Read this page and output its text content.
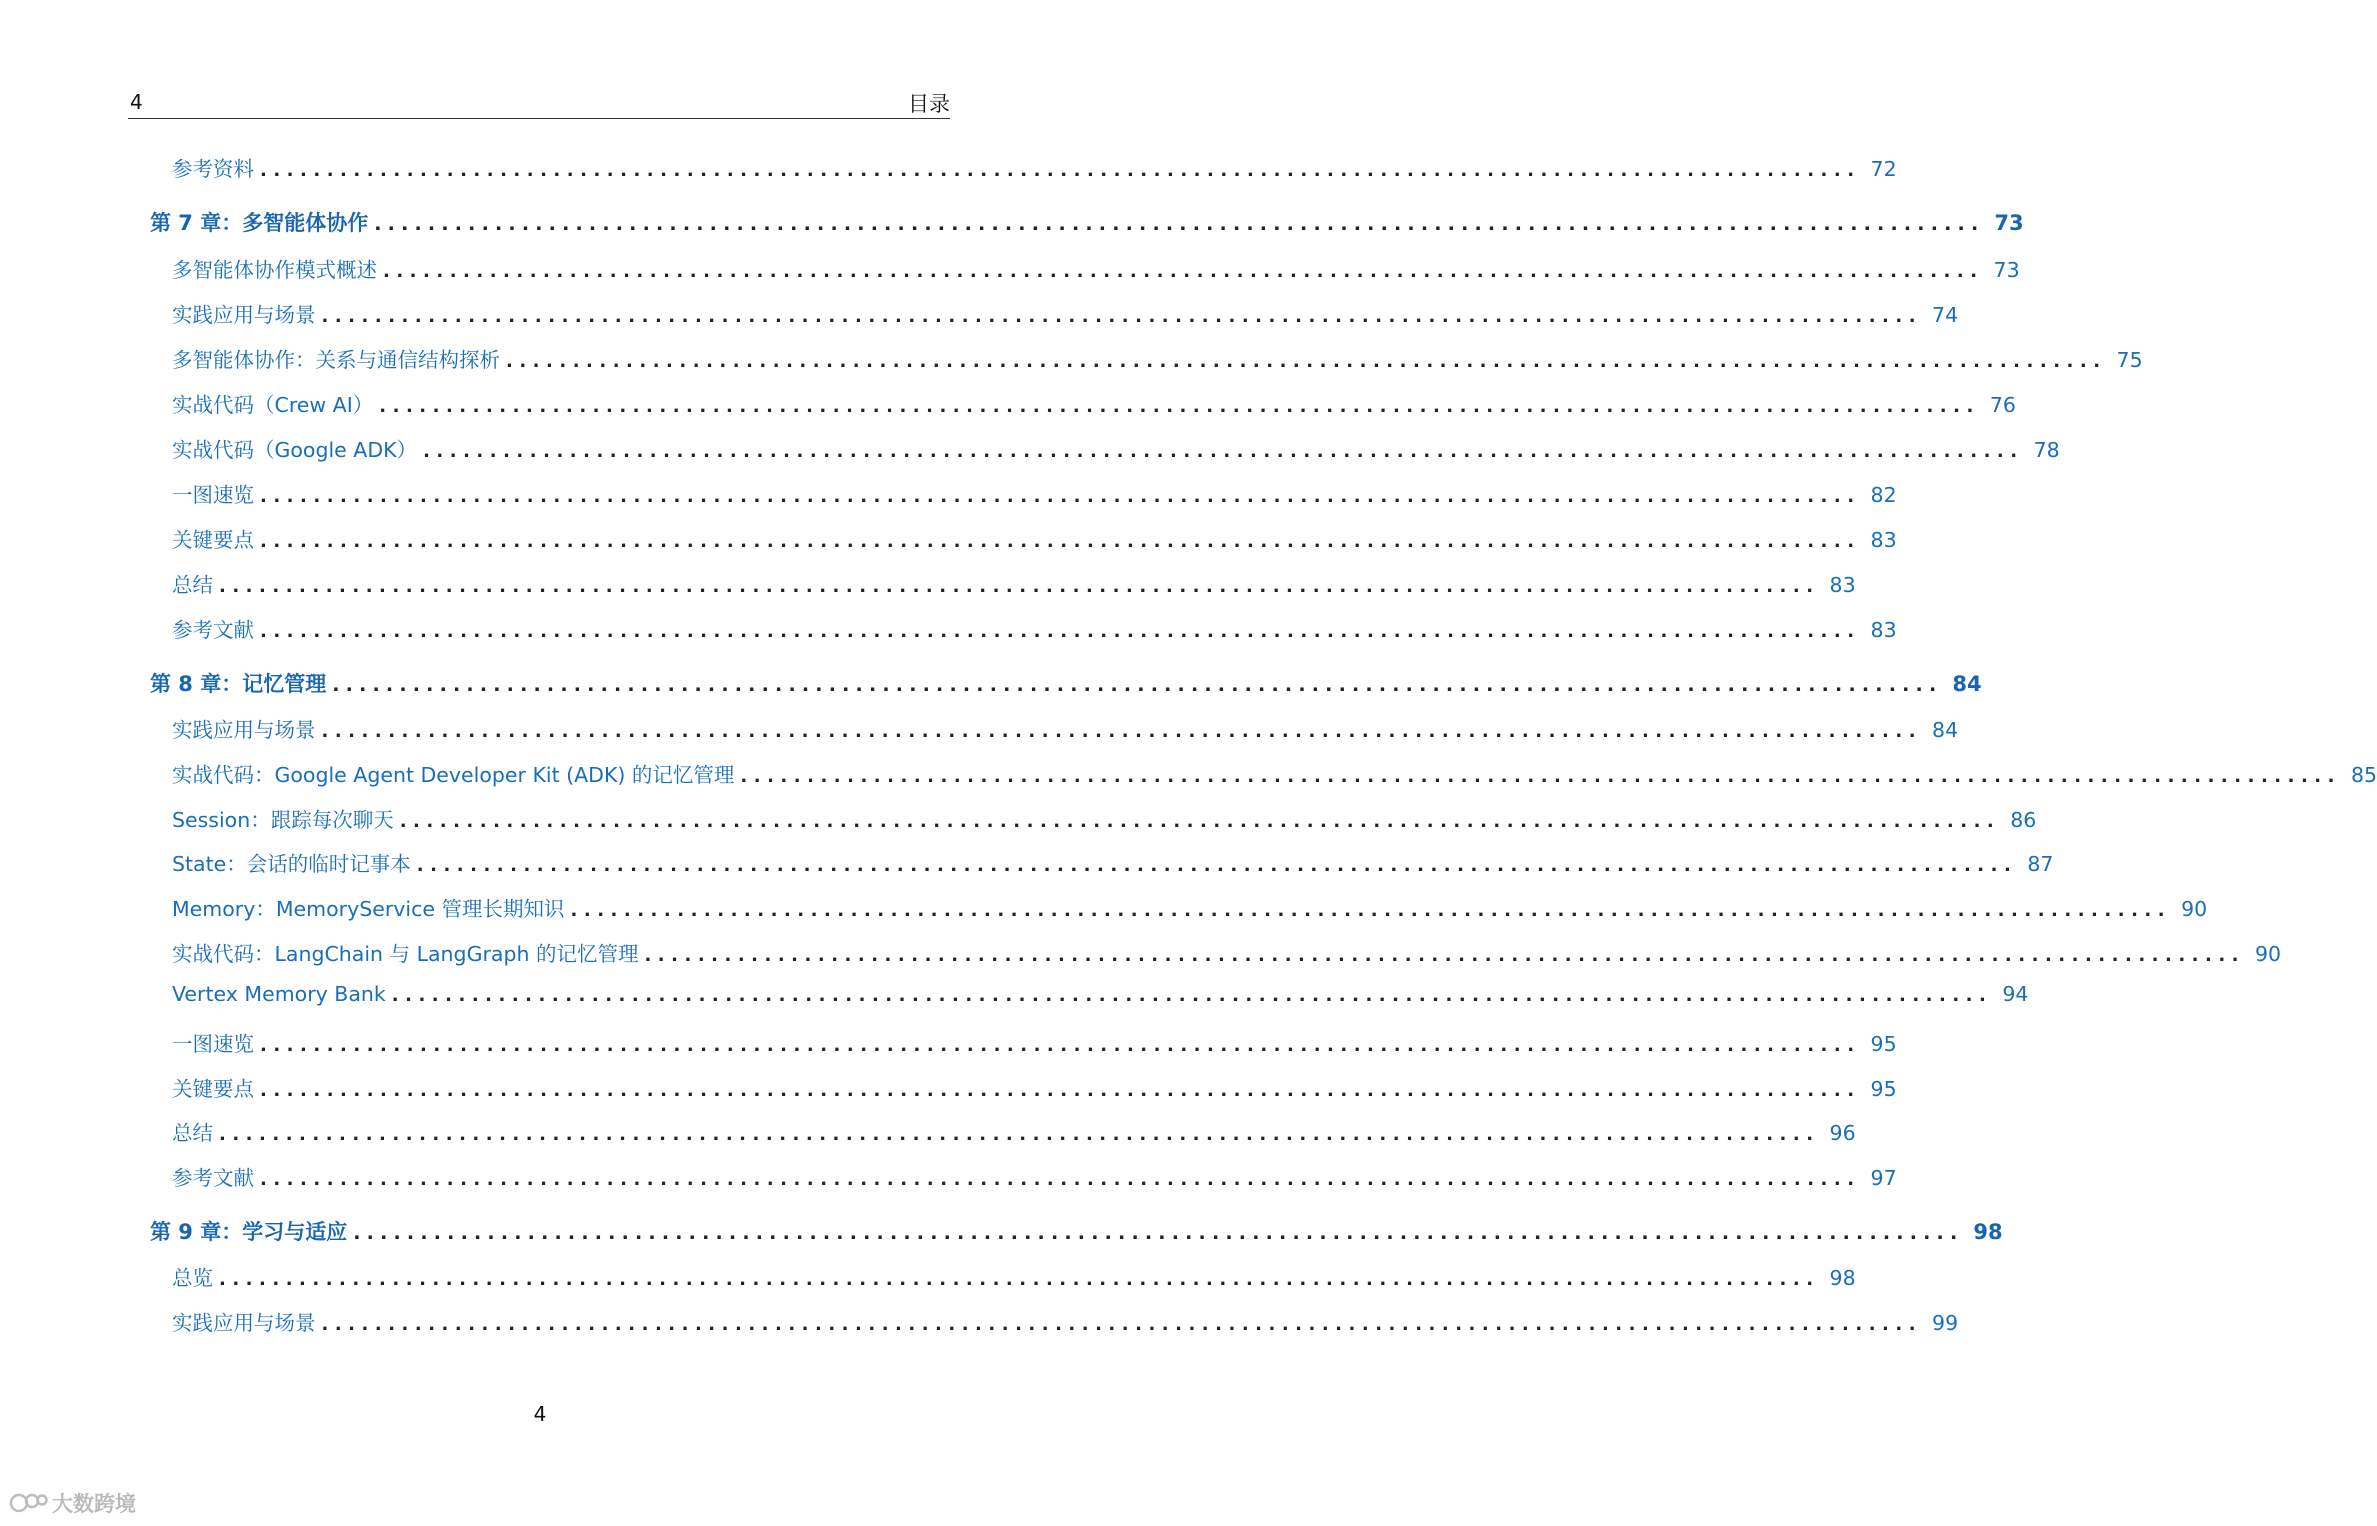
4	目录
参考资料 ........................................................................................................................ 72
第 7 章：多智能体协作 ........................................................................................................................ 73
多智能体协作模式概述 ........................................................................................................................ 73
实践应用与场景 ........................................................................................................................ 74
多智能体协作：关系与通信结构探析 ........................................................................................................................ 75
实战代码（Crew AI） ........................................................................................................................ 76
实战代码（Google ADK） ........................................................................................................................ 78
一图速览 ........................................................................................................................ 82
关键要点 ........................................................................................................................ 83
总结 ........................................................................................................................ 83
参考文献 ........................................................................................................................ 83
第 8 章：记忆管理 ........................................................................................................................ 84
实践应用与场景 ........................................................................................................................ 84
实战代码：Google Agent Developer Kit (ADK) 的记忆管理 ........................................................................................................................ 85
Session：跟踪每次聊天 ........................................................................................................................ 86
State：会话的临时记事本 ........................................................................................................................ 87
Memory：MemoryService 管理长期知识 ........................................................................................................................ 90
实战代码：LangChain 与 LangGraph 的记忆管理 ........................................................................................................................ 90
Vertex Memory Bank ........................................................................................................................ 94
一图速览 ........................................................................................................................ 95
关键要点 ........................................................................................................................ 95
总结 ........................................................................................................................ 96
参考文献 ........................................................................................................................ 97
第 9 章：学习与适应 ........................................................................................................................ 98
总览 ........................................................................................................................ 98
实践应用与场景 ........................................................................................................................ 99
4
大数跨境
